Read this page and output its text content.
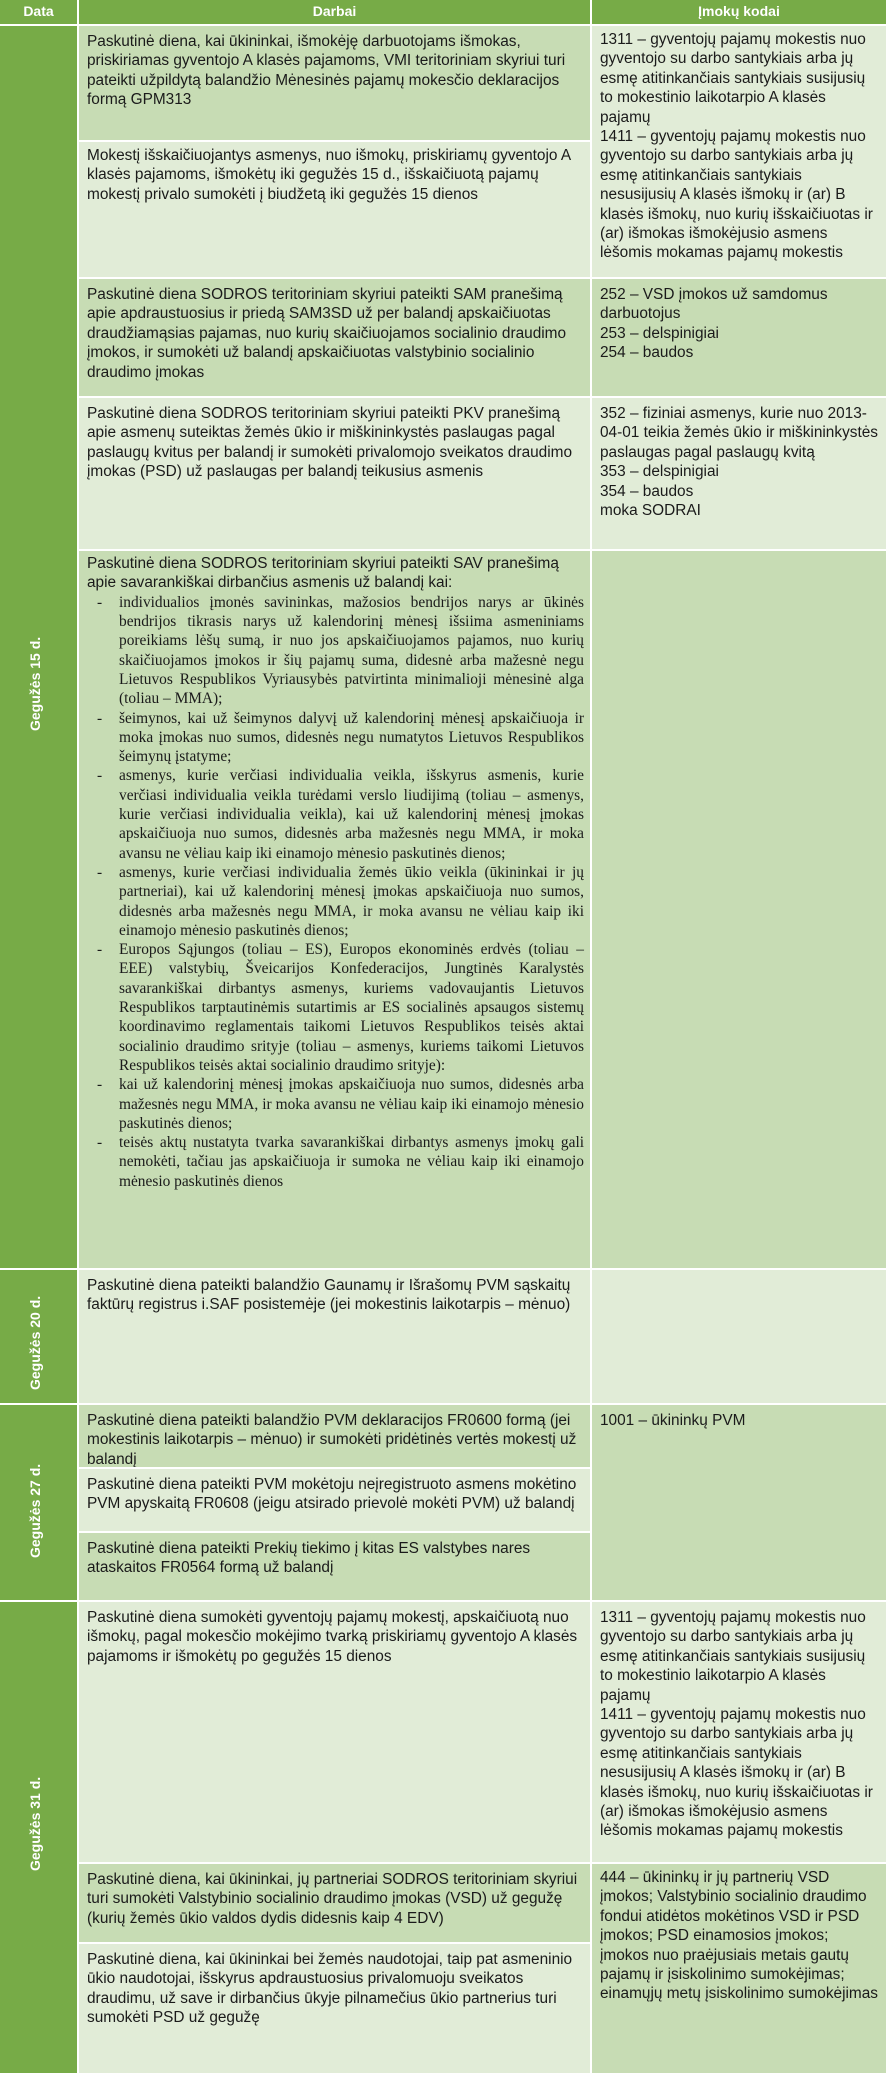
Data	Darbai	Įmokų kodai
Gegužės 15 d.
Paskutinė diena, kai ūkininkai, išmokėję darbuotojams išmokas, priskiriamas gyventojo A klasės pajamoms, VMI teritoriniam skyriui turi pateikti užpildytą balandžio Mėnesinės pajamų mokesčio deklaracijos formą GPM313
Mokestį išskaičiuojantys asmenys, nuo išmokų, priskiriamų gyventojo A klasės pajamoms, išmokėtų iki gegužės 15 d., išskaičiuotą pajamų mokestį privalo sumokėti į biudžetą iki gegužės 15 dienos
1311 – gyventojų pajamų mokestis nuo gyventojo su darbo santykiais arba jų esmę atitinkančiais santykiais susijusių to mokestinio laikotarpio A klasės pajamų
1411 – gyventojų pajamų mokestis nuo gyventojo su darbo santykiais arba jų esmę atitinkančiais santykiais nesusijusių A klasės išmokų ir (ar) B klasės išmokų, nuo kurių išskaičiuotas ir (ar) išmokas išmokėjusio asmens lėšomis mokamas pajamų mokestis
Paskutinė diena SODROS teritoriniam skyriui pateikti SAM pranešimą apie apdraustuosius ir priedą SAM3SD už per balandį apskaičiuotas draudžiamąsias pajamas, nuo kurių skaičiuojamos socialinio draudimo įmokos, ir sumokėti už balandį apskaičiuotas valstybinio socialinio draudimo įmokas
252 – VSD įmokos už samdomus darbuotojus
253 – delspinigiai
254 – baudos
Paskutinė diena SODROS teritoriniam skyriui pateikti PKV pranešimą apie asmenų suteiktas žemės ūkio ir miškininkystės paslaugas pagal paslaugų kvitus per balandį ir sumokėti privalomojo sveikatos draudimo įmokas (PSD) už paslaugas per balandį teikusius asmenis
352 – fiziniai asmenys, kurie nuo 2013-04-01 teikia žemės ūkio ir miškininkystės paslaugas pagal paslaugų kvitą
353 – delspinigiai
354 – baudos
moka SODRAI
Paskutinė diena SODROS teritoriniam skyriui pateikti SAV pranešimą apie savarankiškai dirbančius asmenis už balandį kai:
- individualios įmonės savininkas, mažosios bendrijos narys ar ūkinės bendrijos tikrasis narys už kalendorinį mėnesį išsiima asmeniniams poreikiams lėšų sumą, ir nuo jos apskaičiuojamos pajamos, nuo kurių skaičiuojamos įmokos ir šių pajamų suma, didesnė arba mažesnė negu Lietuvos Respublikos Vyriausybės patvirtinta minimalioji mėnesinė alga (toliau – MMA);
- šeimynos, kai už šeimynos dalyvį už kalendorinį mėnesį apskaičiuoja ir moka įmokas nuo sumos, didesnės negu numatytos Lietuvos Respublikos šeimynų įstatyme;
- asmenys, kurie verčiasi individualia veikla, išskyrus asmenis, kurie verčiasi individualia veikla turėdami verslo liudijimą (toliau – asmenys, kurie verčiasi individualia veikla), kai už kalendorinį mėnesį įmokas apskaičiuoja nuo sumos, didesnės arba mažesnės negu MMA, ir moka avansu ne vėliau kaip iki einamojo mėnesio paskutinės dienos;
- asmenys, kurie verčiasi individualia žemės ūkio veikla (ūkininkai ir jų partneriai), kai už kalendorinį mėnesį įmokas apskaičiuoja nuo sumos, didesnės arba mažesnės negu MMA, ir moka avansu ne vėliau kaip iki einamojo mėnesio paskutinės dienos;
- Europos Sąjungos (toliau – ES), Europos ekonominės erdvės (toliau – EEE) valstybių, Šveicarijos Konfederacijos, Jungtinės Karalystės savarankiškai dirbantys asmenys, kuriems vadovaujantis Lietuvos Respublikos tarptautinėmis sutartimis ar ES socialinės apsaugos sistemų koordinavimo reglamentais taikomi Lietuvos Respublikos teisės aktai socialinio draudimo srityje (toliau – asmenys, kuriems taikomi Lietuvos Respublikos teisės aktai socialinio draudimo srityje):
- kai už kalendorinį mėnesį įmokas apskaičiuoja nuo sumos, didesnės arba mažesnės negu MMA, ir moka avansu ne vėliau kaip iki einamojo mėnesio paskutinės dienos;
- teisės aktų nustatyta tvarka savarankiškai dirbantys asmenys įmokų gali nemokėti, tačiau jas apskaičiuoja ir sumoka ne vėliau kaip iki einamojo mėnesio paskutinės dienos
Gegužės 20 d.
Paskutinė diena pateikti balandžio Gaunamų ir Išrašomų PVM sąskaitų faktūrų registrus i.SAF posistemėje (jei mokestinis laikotarpis – mėnuo)
Gegužės 27 d.
Paskutinė diena pateikti balandžio PVM deklaracijos FR0600 formą (jei mokestinis laikotarpis – mėnuo) ir sumokėti pridėtinės vertės mokestį už balandį
Paskutinė diena pateikti PVM mokėtoju neįregistruoto asmens mokėtino PVM apyskaitą FR0608 (jeigu atsirado prievolė mokėti PVM) už balandį
Paskutinė diena pateikti Prekių tiekimo į kitas ES valstybes nares ataskaitos FR0564 formą už balandį
1001 – ūkininkų PVM
Gegužės 31 d.
Paskutinė diena sumokėti gyventojų pajamų mokestį, apskaičiuotą nuo išmokų, pagal mokesčio mokėjimo tvarką priskiriamų gyventojo A klasės pajamoms ir išmokėtų po gegužės 15 dienos
1311 – gyventojų pajamų mokestis nuo gyventojo su darbo santykiais arba jų esmę atitinkančiais santykiais susijusių to mokestinio laikotarpio A klasės pajamų
1411 – gyventojų pajamų mokestis nuo gyventojo su darbo santykiais arba jų esmę atitinkančiais santykiais nesusijusių A klasės išmokų ir (ar) B klasės išmokų, nuo kurių išskaičiuotas ir (ar) išmokas išmokėjusio asmens lėšomis mokamas pajamų mokestis
Paskutinė diena, kai ūkininkai, jų partneriai SODROS teritoriniam skyriui turi sumokėti Valstybinio socialinio draudimo įmokas (VSD) už gegužę (kurių žemės ūkio valdos dydis didesnis kaip 4 EDV)
Paskutinė diena, kai ūkininkai bei žemės naudotojai, taip pat asmeninio ūkio naudotojai, išskyrus apdraustuosius privalomuoju sveikatos draudimu, už save ir dirbančius ūkyje pilnamečius ūkio partnerius turi sumokėti PSD už gegužę
444 – ūkininkų ir jų partnerių VSD įmokos; Valstybinio socialinio draudimo fondui atidėtos mokėtinos VSD ir PSD įmokos; PSD einamosios įmokos; įmokos nuo praėjusiais metais gautų pajamų ir įsiskolinimo sumokėjimas; einamųjų metų įsiskolinimo sumokėjimas
